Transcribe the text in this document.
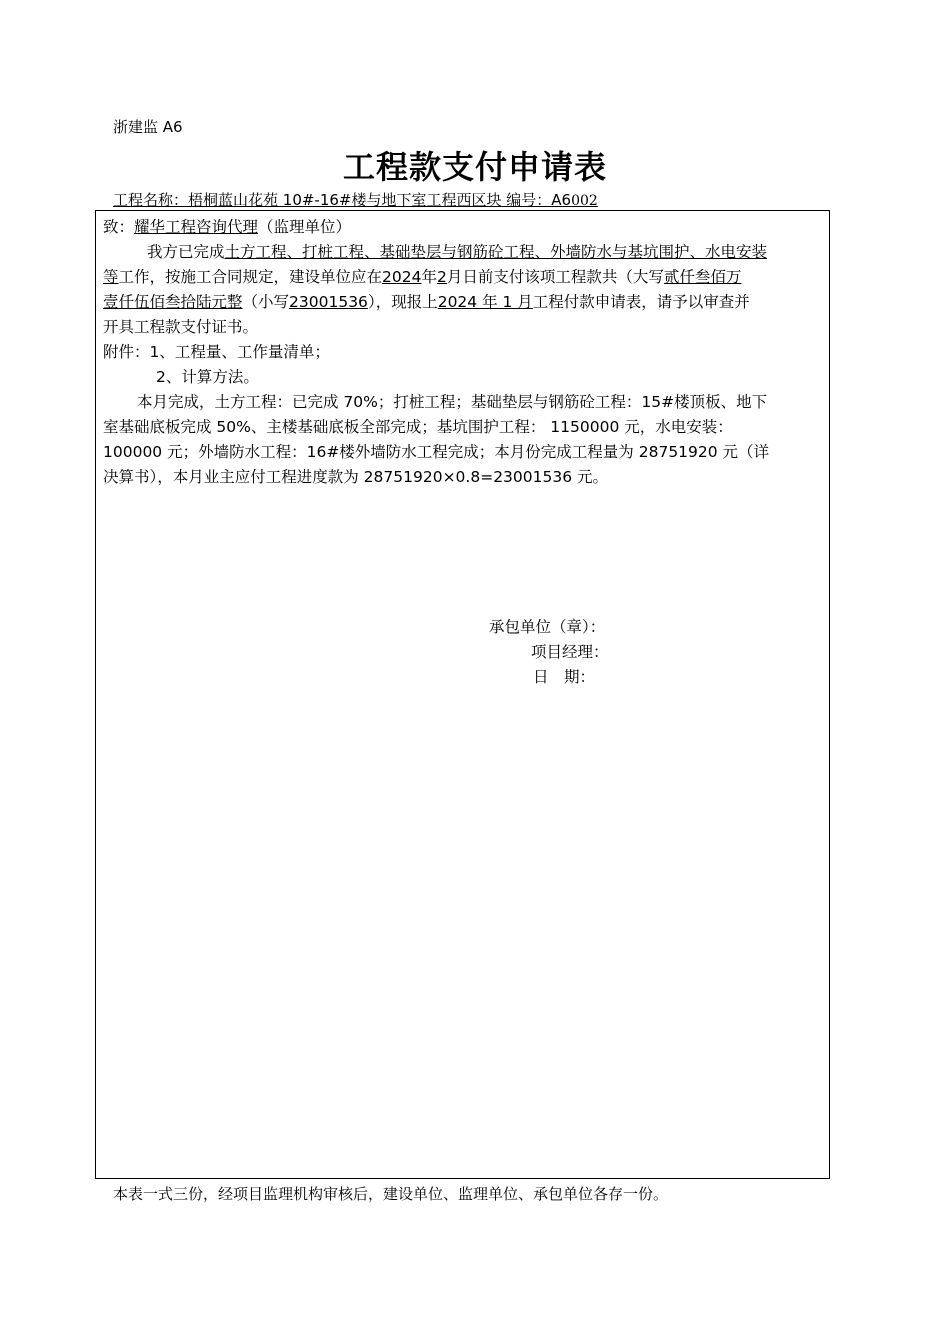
浙建监 A6
工程款支付申请表
工程名称：梧桐蓝山花苑 10#-16#楼与地下室工程西区块 编号：A6002
致：耀华工程咨询代理（监理单位）
我方已完成土方工程、打桩工程、基础垫层与钢筋砼工程、外墙防水与基坑围护、水电安装
等工作，按施工合同规定，建设单位应在2024年2月日前支付该项工程款共（大写贰仟叁佰万
壹仟伍佰叁拾陆元整（小写23001536），现报上2024 年 1 月工程付款申请表，请予以审查并
开具工程款支付证书。
附件：1、工程量、工作量清单；
2、计算方法。
本月完成，土方工程：已完成 70%；打桩工程；基础垫层与钢筋砼工程：15#楼顶板、地下
室基础底板完成 50%、主楼基础底板全部完成；基坑围护工程： 1150000 元，水电安装：
100000 元；外墙防水工程：16#楼外墙防水工程完成；本月份完成工程量为 28751920 元（详
决算书），本月业主应付工程进度款为 28751920×0.8=23001536 元。
承包单位（章）：
项目经理：
日　期：
本表一式三份，经项目监理机构审核后，建设单位、监理单位、承包单位各存一份。
